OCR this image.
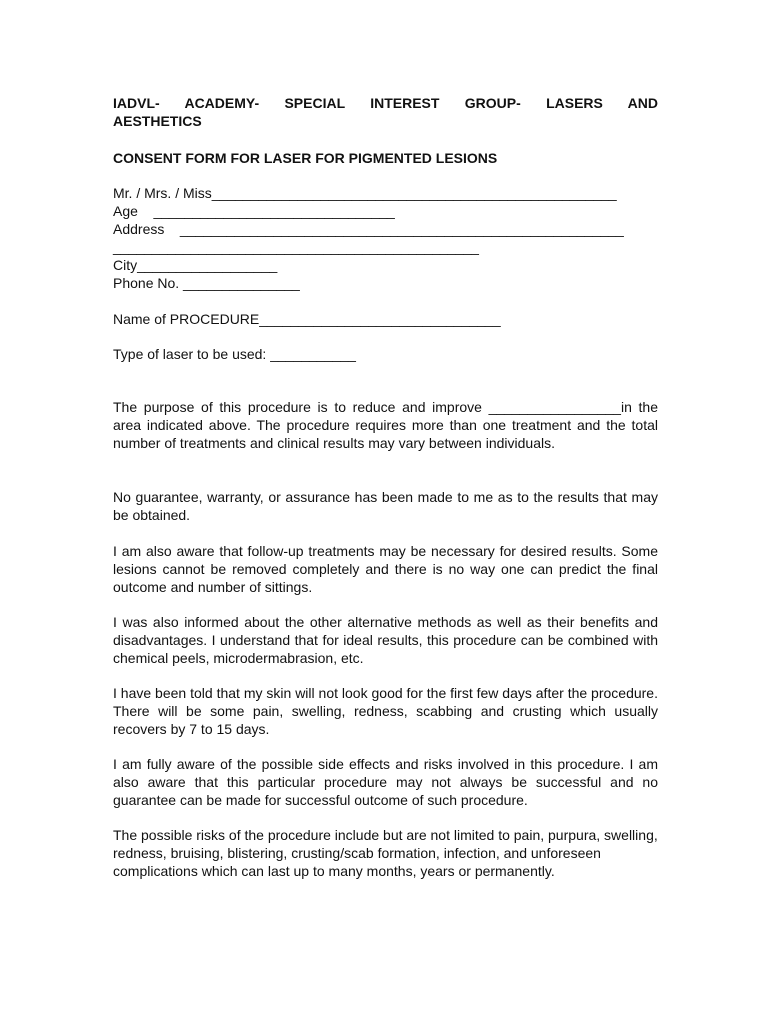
IADVL- ACADEMY- SPECIAL INTEREST GROUP- LASERS AND
AESTHETICS
CONSENT FORM FOR LASER FOR PIGMENTED LESIONS
Mr. / Mrs. / Miss____________________________________________________
Age    _______________________________
Address    _________________________________________________________
_______________________________________________
City__________________
Phone No. _______________
Name of PROCEDURE_______________________________
Type of laser to be used: ___________
The purpose of this procedure is to reduce and improve _________________in the area indicated above. The procedure requires more than one treatment and the total number of treatments and clinical results may vary between individuals.
No guarantee, warranty, or assurance has been made to me as to the results that may be obtained.
I am also aware that follow-up treatments may be necessary for desired results. Some lesions cannot be removed completely and there is no way one can predict the final outcome and number of sittings.
I was also informed about the other alternative methods as well as their benefits and disadvantages. I understand that for ideal results, this procedure can be combined with chemical peels, microdermabrasion, etc.
I have been told that my skin will not look good for the first few days after the procedure. There will be some pain, swelling, redness, scabbing and crusting which usually recovers by 7 to 15 days.
I am fully aware of the possible side effects and risks involved in this procedure. I am also aware that this particular procedure may not always be successful and no guarantee can be made for successful outcome of such procedure.
The possible risks of the procedure include but are not limited to pain, purpura, swelling, redness, bruising, blistering, crusting/scab formation, infection, and unforeseen complications which can last up to many months, years or permanently.
